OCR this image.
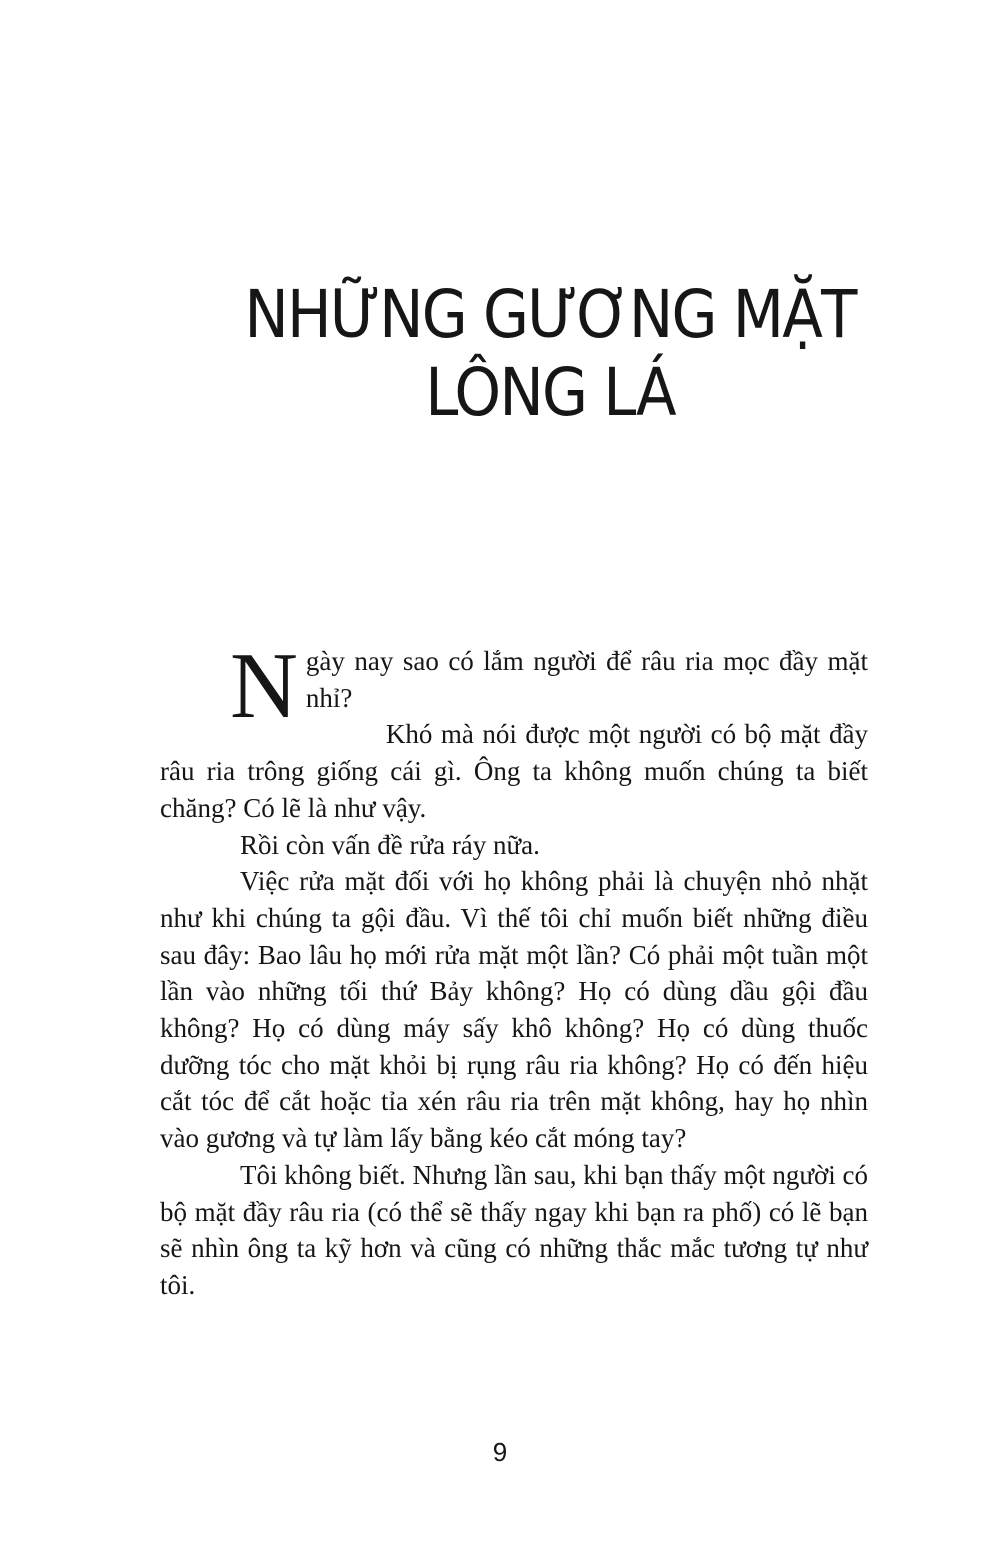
NHỮNG GƯƠNG MẶT
LÔNG LÁ

Ngày nay sao có lắm người để râu ria mọc đầy mặt nhỉ?

Khó mà nói được một người có bộ mặt đầy râu ria trông giống cái gì. Ông ta không muốn chúng ta biết chăng? Có lẽ là như vậy.

Rồi còn vấn đề rửa ráy nữa.

Việc rửa mặt đối với họ không phải là chuyện nhỏ nhặt như khi chúng ta gội đầu. Vì thế tôi chỉ muốn biết những điều sau đây: Bao lâu họ mới rửa mặt một lần? Có phải một tuần một lần vào những tối thứ Bảy không? Họ có dùng dầu gội đầu không? Họ có dùng máy sấy khô không? Họ có dùng thuốc dưỡng tóc cho mặt khỏi bị rụng râu ria không? Họ có đến hiệu cắt tóc để cắt hoặc tỉa xén râu ria trên mặt không, hay họ nhìn vào gương và tự làm lấy bằng kéo cắt móng tay?

Tôi không biết. Nhưng lần sau, khi bạn thấy một người có bộ mặt đầy râu ria (có thể sẽ thấy ngay khi bạn ra phố) có lẽ bạn sẽ nhìn ông ta kỹ hơn và cũng có những thắc mắc tương tự như tôi.

9
